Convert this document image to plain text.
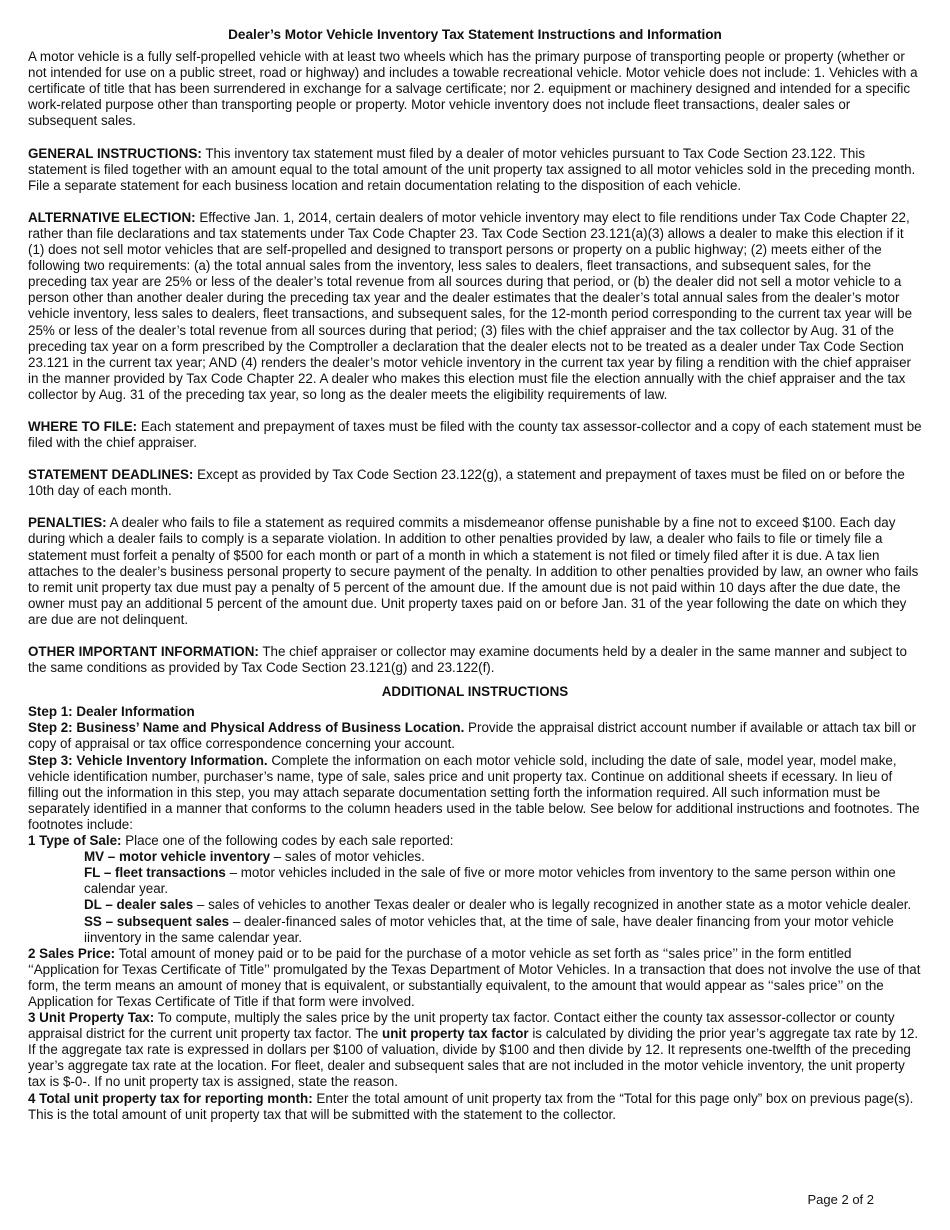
Dealer’s Motor Vehicle Inventory Tax Statement Instructions and Information

A motor vehicle is a fully self-propelled vehicle with at least two wheels which has the primary purpose of transporting people or property (whether or not intended for use on a public street, road or highway) and includes a towable recreational vehicle. Motor vehicle does not include: 1. Vehicles with a certificate of title that has been surrendered in exchange for a salvage certificate; nor 2. equipment or machinery designed and intended for a specific work-related purpose other than transporting people or property. Motor vehicle inventory does not include fleet transactions, dealer sales or subsequent sales.

GENERAL INSTRUCTIONS: This inventory tax statement must filed by a dealer of motor vehicles pursuant to Tax Code Section 23.122. This statement is filed together with an amount equal to the total amount of the unit property tax assigned to all motor vehicles sold in the preceding month. File a separate statement for each business location and retain documentation relating to the disposition of each vehicle.

ALTERNATIVE ELECTION: Effective Jan. 1, 2014, certain dealers of motor vehicle inventory may elect to file renditions under Tax Code Chapter 22, rather than file declarations and tax statements under Tax Code Chapter 23. Tax Code Section 23.121(a)(3) allows a dealer to make this election if it (1) does not sell motor vehicles that are self-propelled and designed to transport persons or property on a public highway; (2) meets either of the following two requirements: (a) the total annual sales from the inventory, less sales to dealers, fleet transactions, and subsequent sales, for the preceding tax year are 25% or less of the dealer’s total revenue from all sources during that period, or (b) the dealer did not sell a motor vehicle to a person other than another dealer during the preceding tax year and the dealer estimates that the dealer’s total annual sales from the dealer’s motor vehicle inventory, less sales to dealers, fleet transactions, and subsequent sales, for the 12-month period corresponding to the current tax year will be 25% or less of the dealer’s total revenue from all sources during that period; (3) files with the chief appraiser and the tax collector by Aug. 31 of the preceding tax year on a form prescribed by the Comptroller a declaration that the dealer elects not to be treated as a dealer under Tax Code Section 23.121 in the current tax year; AND (4) renders the dealer’s motor vehicle inventory in the current tax year by filing a rendition with the chief appraiser in the manner provided by Tax Code Chapter 22. A dealer who makes this election must file the election annually with the chief appraiser and the tax collector by Aug. 31 of the preceding tax year, so long as the dealer meets the eligibility requirements of law.

WHERE TO FILE: Each statement and prepayment of taxes must be filed with the county tax assessor-collector and a copy of each statement must be filed with the chief appraiser.

STATEMENT DEADLINES: Except as provided by Tax Code Section 23.122(g), a statement and prepayment of taxes must be filed on or before the 10th day of each month.

PENALTIES: A dealer who fails to file a statement as required commits a misdemeanor offense punishable by a fine not to exceed $100. Each day during which a dealer fails to comply is a separate violation. In addition to other penalties provided by law, a dealer who fails to file or timely file a statement must forfeit a penalty of $500 for each month or part of a month in which a statement is not filed or timely filed after it is due. A tax lien attaches to the dealer’s business personal property to secure payment of the penalty. In addition to other penalties provided by law, an owner who fails to remit unit property tax due must pay a penalty of 5 percent of the amount due. If the amount due is not paid within 10 days after the due date, the owner must pay an additional 5 percent of the amount due. Unit property taxes paid on or before Jan. 31 of the year following the date on which they are due are not delinquent.

OTHER IMPORTANT INFORMATION: The chief appraiser or collector may examine documents held by a dealer in the same manner and subject to the same conditions as provided by Tax Code Section 23.121(g) and 23.122(f).

ADDITIONAL INSTRUCTIONS
Step 1: Dealer Information
Step 2: Business’ Name and Physical Address of Business Location. Provide the appraisal district account number if available or attach tax bill or copy of appraisal or tax office correspondence concerning your account.
Step 3: Vehicle Inventory Information. Complete the information on each motor vehicle sold, including the date of sale, model year, model make, vehicle identification number, purchaser’s name, type of sale, sales price and unit property tax. Continue on additional sheets if ecessary. In lieu of filling out the information in this step, you may attach separate documentation setting forth the information required. All such information must be separately identified in a manner that conforms to the column headers used in the table below. See below for additional instructions and footnotes. The footnotes include:
1 Type of Sale: Place one of the following codes by each sale reported:
MV – motor vehicle inventory – sales of motor vehicles.
FL – fleet transactions – motor vehicles included in the sale of five or more motor vehicles from inventory to the same person within one calendar year.
DL – dealer sales – sales of vehicles to another Texas dealer or dealer who is legally recognized in another state as a motor vehicle dealer.
SS – subsequent sales – dealer-financed sales of motor vehicles that, at the time of sale, have dealer financing from your motor vehicle iinventory in the same calendar year.
2 Sales Price: Total amount of money paid or to be paid for the purchase of a motor vehicle as set forth as ‘‘sales price’’ in the form entitled ‘‘Application for Texas Certificate of Title’’ promulgated by the Texas Department of Motor Vehicles. In a transaction that does not involve the use of that form, the term means an amount of money that is equivalent, or substantially equivalent, to the amount that would appear as ‘‘sales price’’ on the Application for Texas Certificate of Title if that form were involved.
3 Unit Property Tax: To compute, multiply the sales price by the unit property tax factor. Contact either the county tax assessor-collector or county appraisal district for the current unit property tax factor. The unit property tax factor is calculated by dividing the prior year’s aggregate tax rate by 12. If the aggregate tax rate is expressed in dollars per $100 of valuation, divide by $100 and then divide by 12. It represents one-twelfth of the preceding year’s aggregate tax rate at the location. For fleet, dealer and subsequent sales that are not included in the motor vehicle inventory, the unit property tax is $-0-. If no unit property tax is assigned, state the reason.
4 Total unit property tax for reporting month: Enter the total amount of unit property tax from the “Total for this page only” box on previous page(s). This is the total amount of unit property tax that will be submitted with the statement to the collector.
Page 2 of 2
